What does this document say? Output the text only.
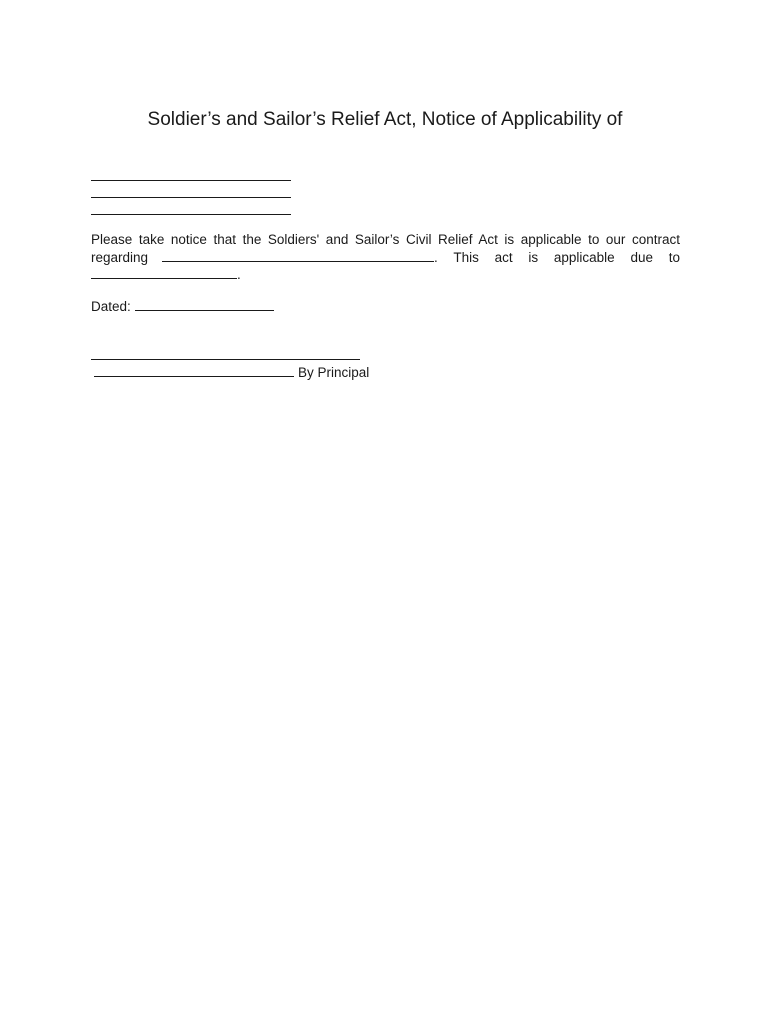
Soldier’s and Sailor’s Relief Act, Notice of Applicability of
Please take notice that the Soldiers' and Sailor’s Civil Relief Act is applicable to our contract
regarding	. This act is applicable due to
.
Dated:
By Principal
